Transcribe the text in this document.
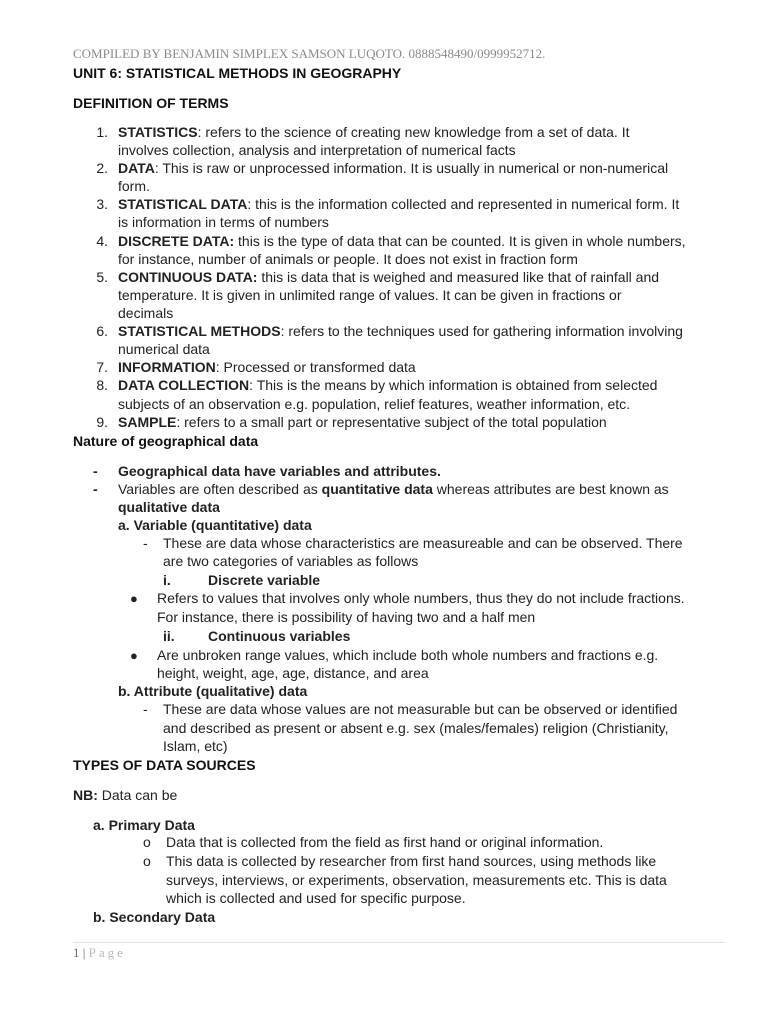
COMPILED BY BENJAMIN SIMPLEX SAMSON LUQOTO. 0888548490/0999952712.
UNIT 6: STATISTICAL METHODS IN GEOGRAPHY
DEFINITION OF TERMS
1. STATISTICS: refers to the science of creating new knowledge from a set of data. It
involves collection, analysis and interpretation of numerical facts
2. DATA: This is raw or unprocessed information. It is usually in numerical or non-numerical
form.
3. STATISTICAL DATA: this is the information collected and represented in numerical form. It
is information in terms of numbers
4. DISCRETE DATA: this is the type of data that can be counted. It is given in whole numbers,
for instance, number of animals or people. It does not exist in fraction form
5. CONTINUOUS DATA: this is data that is weighed and measured like that of rainfall and
temperature. It is given in unlimited range of values. It can be given in fractions or
decimals
6. STATISTICAL METHODS: refers to the techniques used for gathering information involving
numerical data
7. INFORMATION: Processed or transformed data
8. DATA COLLECTION: This is the means by which information is obtained from selected
subjects of an observation e.g. population, relief features, weather information, etc.
9. SAMPLE: refers to a small part or representative subject of the total population
Nature of geographical data
- Geographical data have variables and attributes.
- Variables are often described as quantitative data whereas attributes are best known as
qualitative data
a. Variable (quantitative) data
- These are data whose characteristics are measureable and can be observed. There
are two categories of variables as follows
i.	Discrete variable
● Refers to values that involves only whole numbers, thus they do not include fractions.
For instance, there is possibility of having two and a half men
ii. Continuous variables
● Are unbroken range values, which include both whole numbers and fractions e.g.
height, weight, age, age, distance, and area
b. Attribute (qualitative) data
- These are data whose values are not measurable but can be observed or identified
and described as present or absent e.g. sex (males/females) religion (Christianity,
Islam, etc)
TYPES OF DATA SOURCES
NB: Data can be
a. Primary Data
o Data that is collected from the field as first hand or original information.
o This data is collected by researcher from first hand sources, using methods like
surveys, interviews, or experiments, observation, measurements etc. This is data
which is collected and used for specific purpose.
b. Secondary Data
1 | Page
